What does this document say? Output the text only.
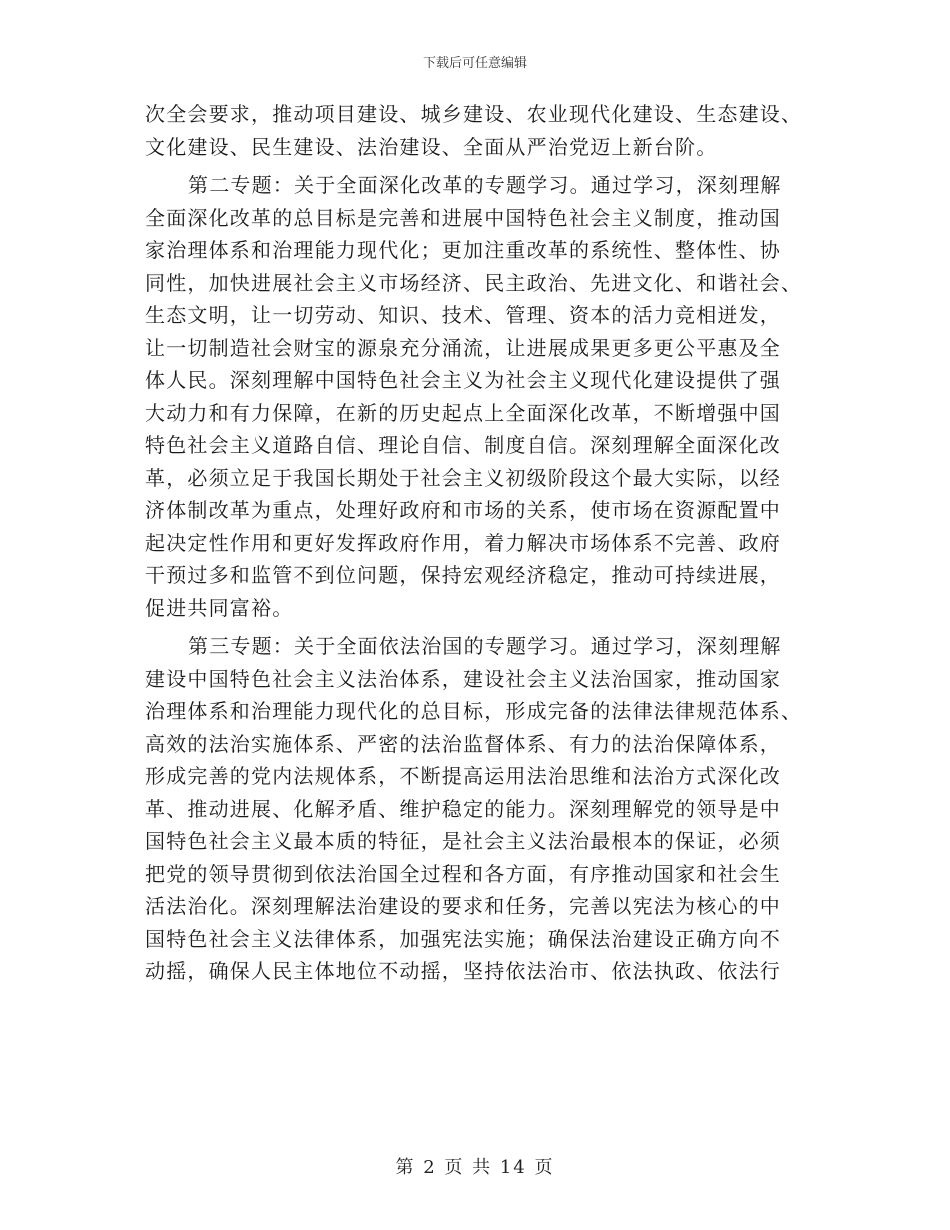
下载后可任意编辑
次全会要求，推动项目建设、城乡建设、农业现代化建设、生态建设、
文化建设、民生建设、法治建设、全面从严治党迈上新台阶。
第二专题：关于全面深化改革的专题学习。通过学习，深刻理解
全面深化改革的总目标是完善和进展中国特色社会主义制度，推动国
家治理体系和治理能力现代化；更加注重改革的系统性、整体性、协
同性，加快进展社会主义市场经济、民主政治、先进文化、和谐社会、
生态文明，让一切劳动、知识、技术、管理、资本的活力竞相迸发，
让一切制造社会财宝的源泉充分涌流，让进展成果更多更公平惠及全
体人民。深刻理解中国特色社会主义为社会主义现代化建设提供了强
大动力和有力保障，在新的历史起点上全面深化改革，不断增强中国
特色社会主义道路自信、理论自信、制度自信。深刻理解全面深化改
革，必须立足于我国长期处于社会主义初级阶段这个最大实际，以经
济体制改革为重点，处理好政府和市场的关系，使市场在资源配置中
起决定性作用和更好发挥政府作用，着力解决市场体系不完善、政府
干预过多和监管不到位问题，保持宏观经济稳定，推动可持续进展，
促进共同富裕。
第三专题：关于全面依法治国的专题学习。通过学习，深刻理解
建设中国特色社会主义法治体系，建设社会主义法治国家，推动国家
治理体系和治理能力现代化的总目标，形成完备的法律法律规范体系、
高效的法治实施体系、严密的法治监督体系、有力的法治保障体系，
形成完善的党内法规体系，不断提高运用法治思维和法治方式深化改
革、推动进展、化解矛盾、维护稳定的能力。深刻理解党的领导是中
国特色社会主义最本质的特征，是社会主义法治最根本的保证，必须
把党的领导贯彻到依法治国全过程和各方面，有序推动国家和社会生
活法治化。深刻理解法治建设的要求和任务，完善以宪法为核心的中
国特色社会主义法律体系，加强宪法实施；确保法治建设正确方向不
动摇，确保人民主体地位不动摇，坚持依法治市、依法执政、依法行
第 2 页 共 14 页
